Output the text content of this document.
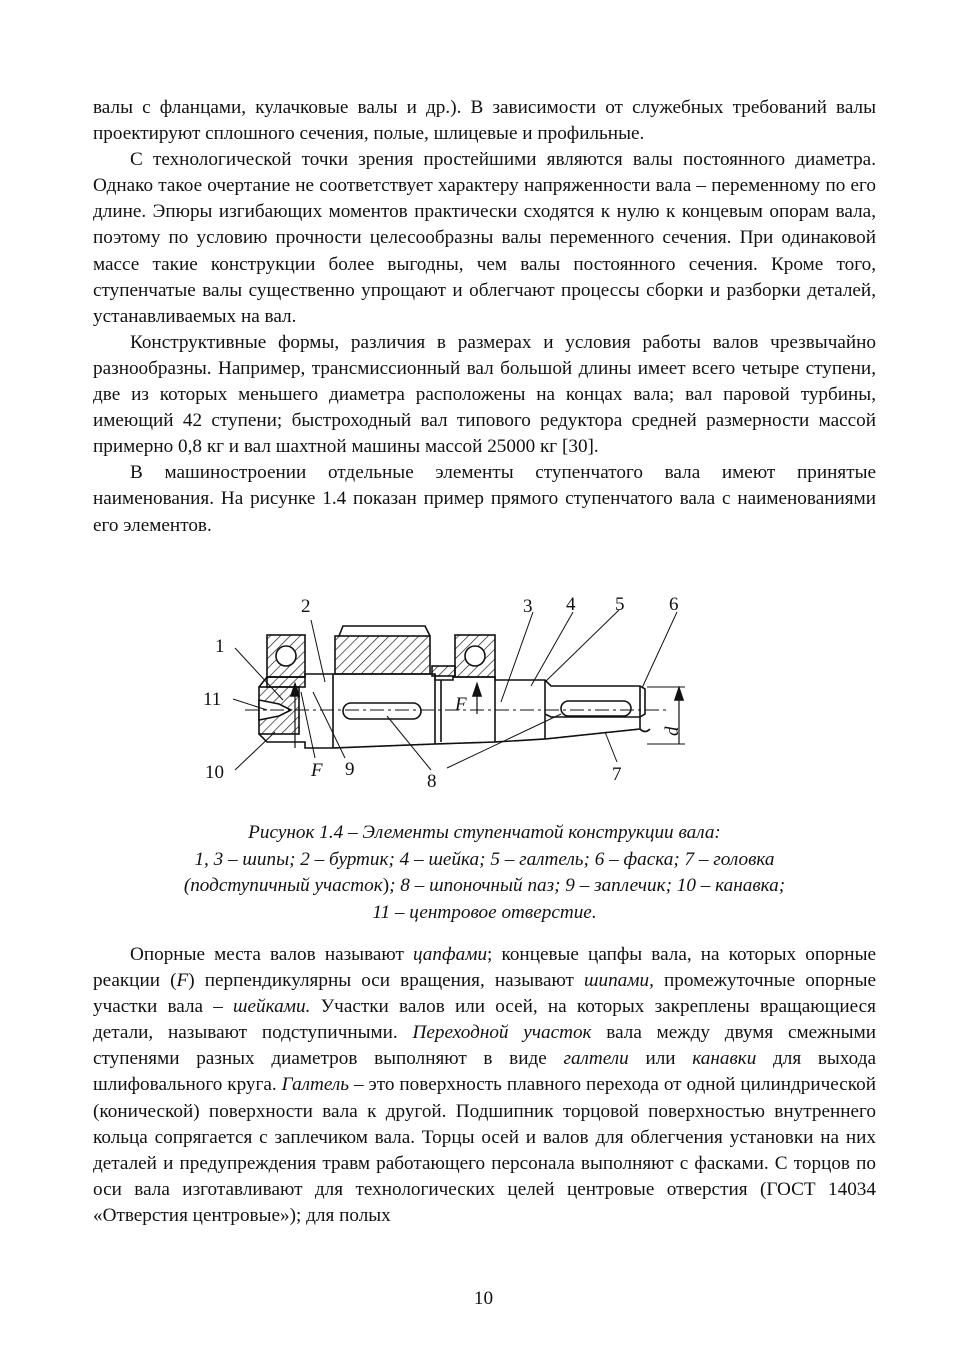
валы с фланцами, кулачковые валы и др.). В зависимости от служебных требований валы проектируют сплошного сечения, полые, шлицевые и профильные.

С технологической точки зрения простейшими являются валы постоянного диаметра. Однако такое очертание не соответствует характеру напряженности вала – переменному по его длине. Эпюры изгибающих моментов практически сходятся к нулю к концевым опорам вала, поэтому по условию прочности целесообразны валы переменного сечения. При одинаковой массе такие конструкции более выгодны, чем валы постоянного сечения. Кроме того, ступенчатые валы существенно упрощают и облегчают процессы сборки и разборки деталей, устанавливаемых на вал.

Конструктивные формы, различия в размерах и условия работы валов чрезвычайно разнообразны. Например, трансмиссионный вал большой длины имеет всего четыре ступени, две из которых меньшего диаметра расположены на концах вала; вал паровой турбины, имеющий 42 ступени; быстроходный вал типового редуктора средней размерности массой примерно 0,8 кг и вал шахтной машины массой 25000 кг [30].

В машиностроении отдельные элементы ступенчатого вала имеют принятые наименования. На рисунке 1.4 показан пример прямого ступенчатого вала с наименованиями его элементов.

1
2	3 4 5 6
7
8
9
10
11
F
F
d
Рисунок 1.4 – Элементы ступенчатой конструкции вала:
1, 3 – шипы; 2 – буртик; 4 – шейка; 5 – галтель; 6 – фаска; 7 – головка
(подступичный участок); 8 – шпоночный паз; 9 – заплечик; 10 – канавка;
11 – центровое отверстие.

Опорные места валов называют цапфами; концевые цапфы вала, на которых опорные реакции (F) перпендикулярны оси вращения, называют шипами, промежуточные опорные участки вала – шейками. Участки валов или осей, на которых закреплены вращающиеся детали, называют подступичными. Переходной участок вала между двумя смежными ступенями разных диаметров выполняют в виде галтели или канавки для выхода шлифовального круга. Галтель – это поверхность плавного перехода от одной цилиндрической (конической) поверхности вала к другой. Подшипник торцовой поверхностью внутреннего кольца сопрягается с заплечиком вала. Торцы осей и валов для облегчения установки на них деталей и предупреждения травм работающего персонала выполняют с фасками. С торцов по оси вала изготавливают для технологических целей центровые отверстия (ГОСТ 14034 «Отверстия центровые»); для полых

10
